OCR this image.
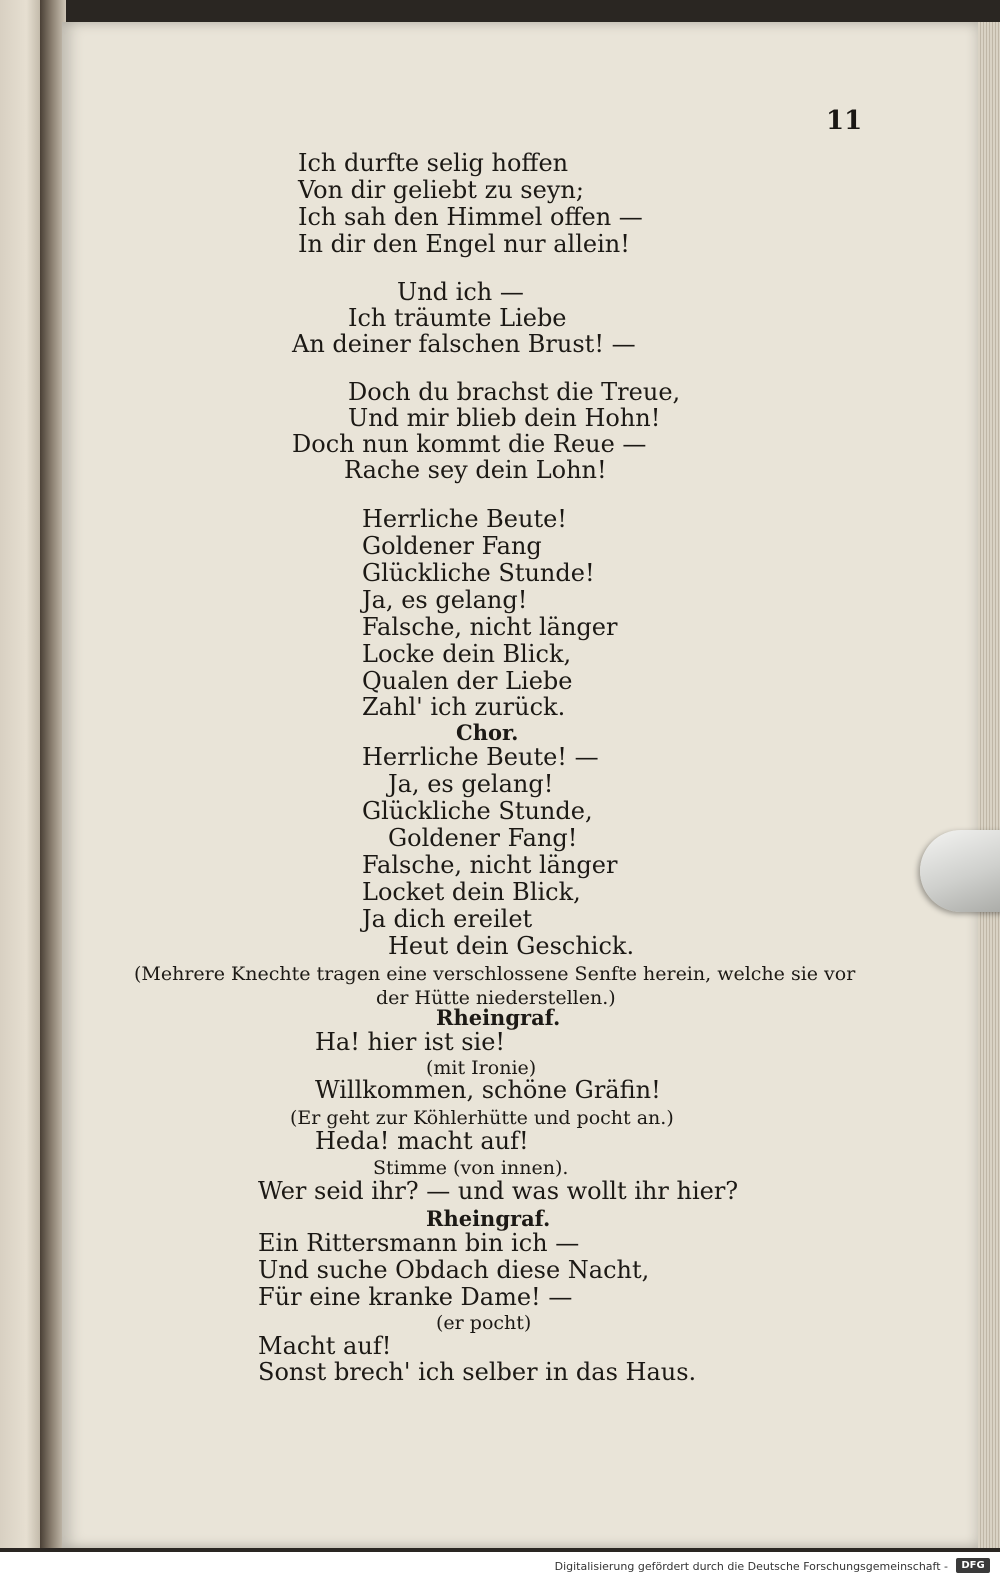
11
Ich durfte selig hoffen
Von dir geliebt zu seyn;
Ich sah den Himmel offen —
In dir den Engel nur allein!
Und ich —
Ich träumte Liebe
An deiner falschen Brust! —
Doch du brachst die Treue,
Und mir blieb dein Hohn!
Doch nun kommt die Reue —
Rache sey dein Lohn!
Herrliche Beute!
Goldener Fang
Glückliche Stunde!
Ja, es gelang!
Falsche, nicht länger
Locke dein Blick,
Qualen der Liebe
Zahl' ich zurück.
Chor.
Herrliche Beute! —
Ja, es gelang!
Glückliche Stunde,
Goldener Fang!
Falsche, nicht länger
Locket dein Blick,
Ja dich ereilet
Heut dein Geschick.
(Mehrere Knechte tragen eine verschlossene Senfte herein, welche sie vor
der Hütte niederstellen.)
Rheingraf.
Ha! hier ist sie!
(mit Ironie)
Willkommen, schöne Gräfin!
(Er geht zur Köhlerhütte und pocht an.)
Heda! macht auf!
Stimme (von innen).
Wer seid ihr? — und was wollt ihr hier?
Rheingraf.
Ein Rittersmann bin ich —
Und suche Obdach diese Nacht,
Für eine kranke Dame! —
(er pocht)
Macht auf!
Sonst brech' ich selber in das Haus.
Digitalisierung gefördert durch die Deutsche Forschungsgemeinschaft -	DFG
